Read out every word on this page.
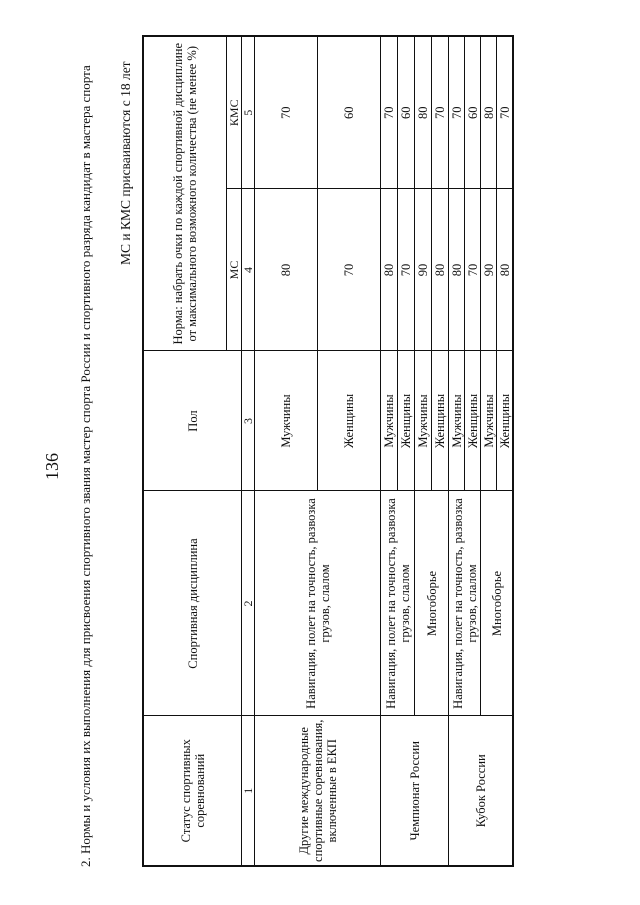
136 2. Нормы и условия их выполнения для присвоения спортивного звания мастер спорта России и спортивного разряда кандидат в мастера спорта МС и КМС присваиваются с 18 лет
Статус спортивных соревнований	Спортивная дисциплина	Пол	Норма: набрать очки по каждой спортивной дисциплине от максимального возможного количества (не менее %)	
			МС	КМС
1	2	3	4	5
Другие международные спортивные соревнования, включенные в ЕКП	Навигация, полет на точность, развозка грузов, слалом	Мужчины	80	70
		Женщины	70	60
Чемпионат России	Навигация, полет на точность, развозка грузов, слалом	Мужчины	80	70
		Женщины	70	60
	Многоборье	Мужчины	90	80
		Женщины	80	70
Кубок России	Навигация, полет на точность, развозка грузов, слалом	Мужчины	80	70
		Женщины	70	60
	Многоборье	Мужчины	90	80
		Женщины	80	70
